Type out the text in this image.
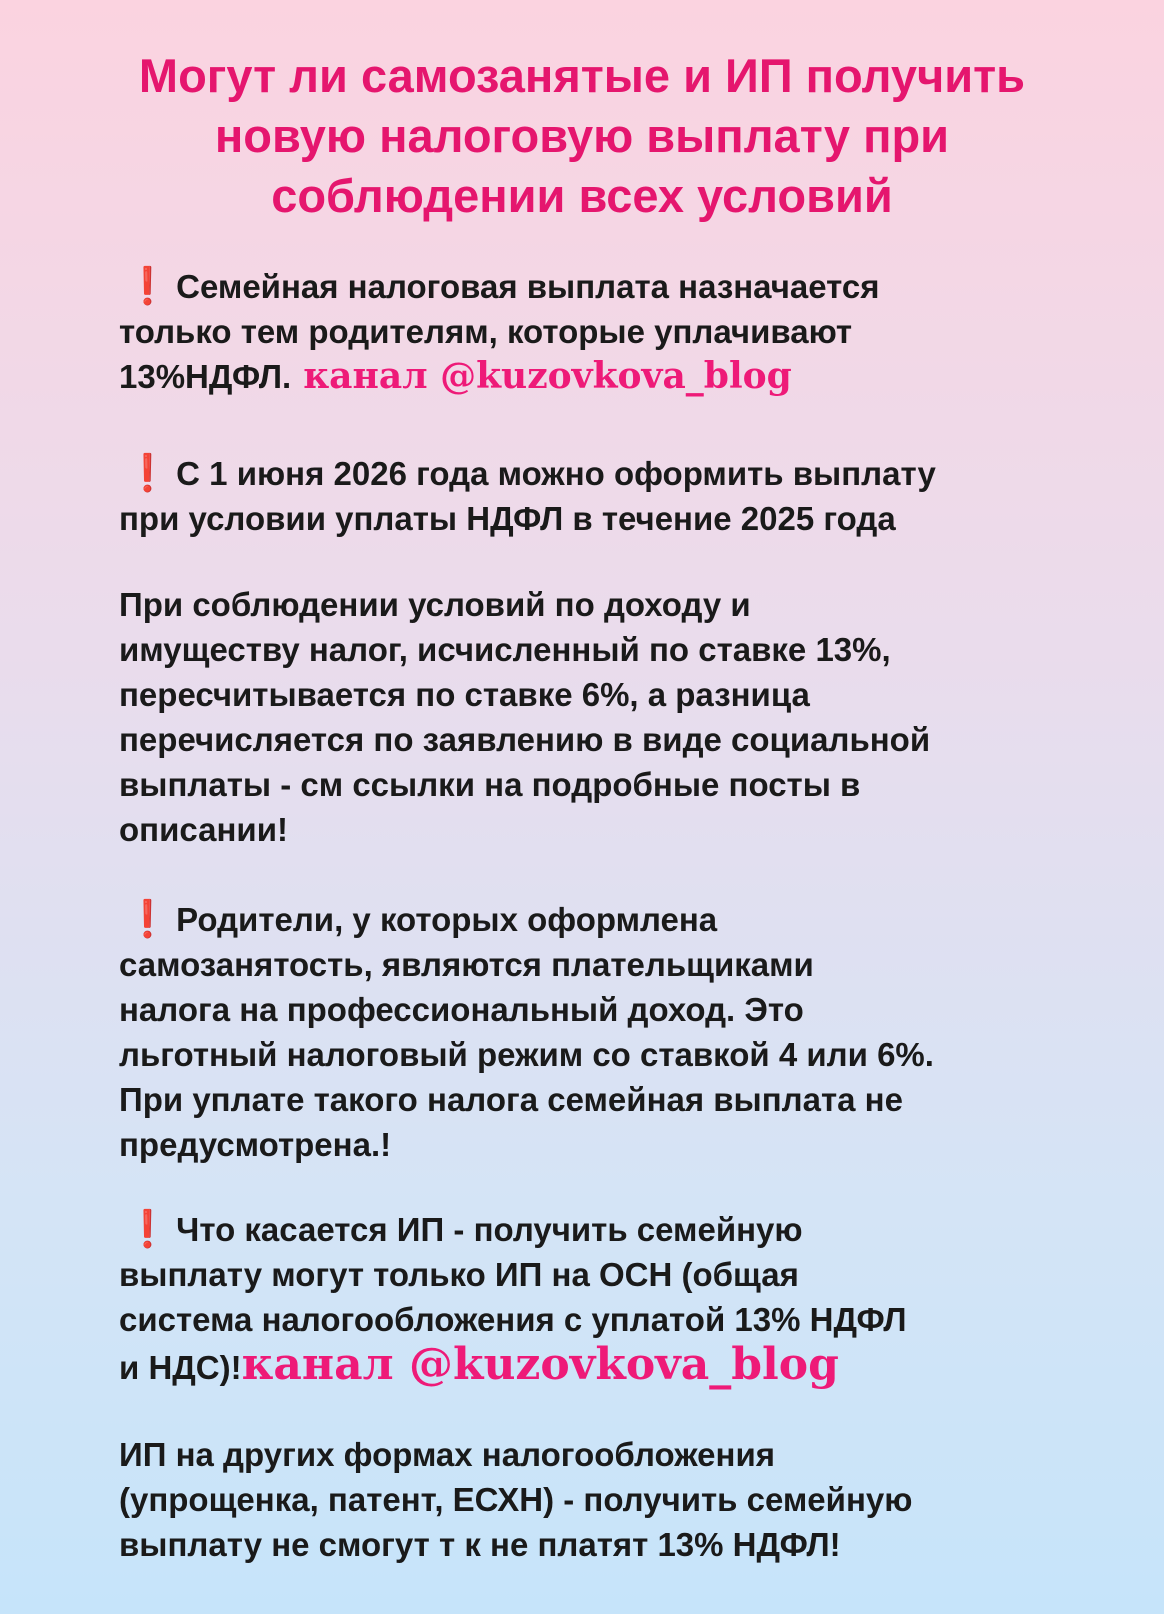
Могут ли самозанятые и ИП получить
новую налоговую выплату при
соблюдении всех условий
❗ Семейная налоговая выплата назначается
только тем родителям, которые уплачивают
13%НДФЛ. канал @kuzovkova_blog
❗ С 1 июня 2026 года можно оформить выплату
при условии уплаты НДФЛ в течение 2025 года
При соблюдении условий по доходу и
имуществу налог, исчисленный по ставке 13%,
пересчитывается по ставке 6%, а разница
перечисляется по заявлению в виде социальной
выплаты - см ссылки на подробные посты в
описании!
❗ Родители, у которых оформлена
самозанятость, являются плательщиками
налога на профессиональный доход. Это
льготный налоговый режим со ставкой 4 или 6%.
При уплате такого налога семейная выплата не
предусмотрена.!
❗ Что касается ИП - получить семейную
выплату могут только ИП на ОСН (общая
система налогообложения с уплатой 13% НДФЛ
и НДС)!канал @kuzovkova_blog
ИП на других формах налогообложения
(упрощенка, патент, ЕСХН) - получить семейную
выплату не смогут т к не платят 13% НДФЛ!
